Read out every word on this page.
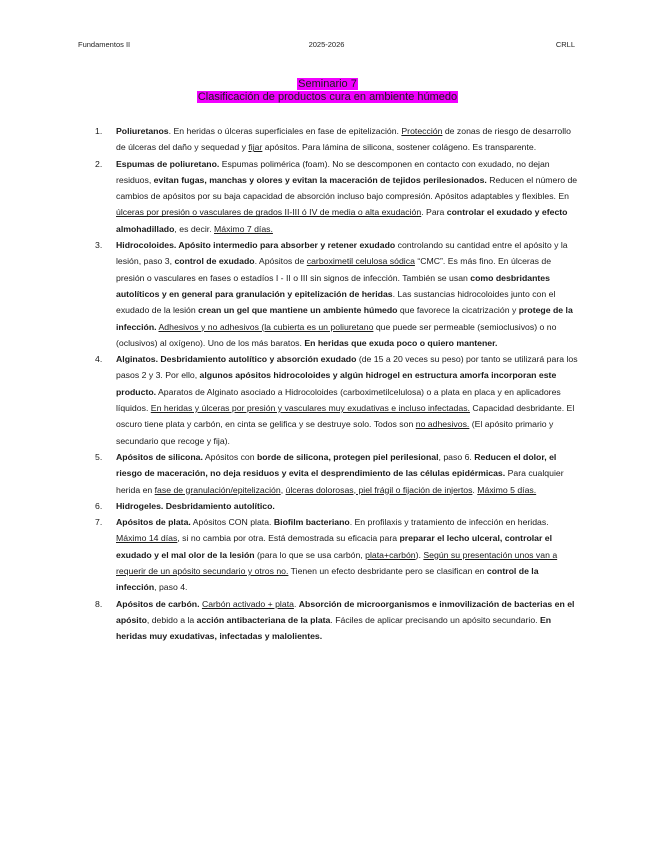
Fundamentos II	2025-2026	CRLL
Seminario 7
Clasificación de productos cura en ambiente húmedo
1. Poliuretanos. En heridas o úlceras superficiales en fase de epitelización. Protección de zonas de riesgo de desarrollo de úlceras del daño y sequedad y fijar apósitos. Para lámina de silicona, sostener colágeno. Es transparente.
2. Espumas de poliuretano. Espumas polimérica (foam). No se descomponen en contacto con exudado, no dejan residuos, evitan fugas, manchas y olores y evitan la maceración de tejidos perilesionados. Reducen el número de cambios de apósitos por su baja capacidad de absorción incluso bajo compresión. Apósitos adaptables y flexibles. En úlceras por presión o vasculares de grados II-III ó IV de media o alta exudación. Para controlar el exudado y efecto almohadillado, es decir. Máximo 7 días.
3. Hidrocoloides. Apósito intermedio para absorber y retener exudado controlando su cantidad entre el apósito y la lesión, paso 3, control de exudado. Apósitos de carboximetil celulosa sódica “CMC”. Es más fino. En úlceras de presión o vasculares en fases o estadíos I - II o III sin signos de infección. También se usan como desbridantes autolíticos y en general para granulación y epitelización de heridas. Las sustancias hidrocoloides junto con el exudado de la lesión crean un gel que mantiene un ambiente húmedo que favorece la cicatrización y protege de la infección. Adhesivos y no adhesivos (la cubierta es un poliuretano que puede ser permeable (semioclusivos) o no (oclusivos) al oxígeno). Uno de los más baratos. En heridas que exuda poco o quiero mantener.
4. Alginatos. Desbridamiento autolítico y absorción exudado (de 15 a 20 veces su peso) por tanto se utilizará para los pasos 2 y 3. Por ello, algunos apósitos hidrocoloides y algún hidrogel en estructura amorfa incorporan este producto. Aparatos de Alginato asociado a Hidrocoloides (carboximetilcelulosa) o a plata en placa y en aplicadores líquidos. En heridas y úlceras por presión y vasculares muy exudativas e incluso infectadas. Capacidad desbridante. El oscuro tiene plata y carbón, en cinta se gelifica y se destruye solo. Todos son no adhesivos. (El apósito primario y secundario que recoge y fija).
5. Apósitos de silicona. Apósitos con borde de silicona, protegen piel perilesional, paso 6. Reducen el dolor, el riesgo de maceración, no deja residuos y evita el desprendimiento de las células epidérmicas. Para cualquier herida en fase de granulación/epitelización, úlceras dolorosas, piel frágil o fijación de injertos. Máximo 5 días.
6. Hidrogeles. Desbridamiento autolítico.
7. Apósitos de plata. Apósitos CON plata. Biofilm bacteriano. En profilaxis y tratamiento de infección en heridas. Máximo 14 días, si no cambia por otra. Está demostrada su eficacia para preparar el lecho ulceral, controlar el exudado y el mal olor de la lesión (para lo que se usa carbón, plata+carbón). Según su presentación unos van a requerir de un apósito secundario y otros no. Tienen un efecto desbridante pero se clasifican en control de la infección, paso 4.
8. Apósitos de carbón. Carbón activado + plata. Absorción de microorganismos e inmovilización de bacterias en el apósito, debido a la acción antibacteriana de la plata. Fáciles de aplicar precisando un apósito secundario. En heridas muy exudativas, infectadas y malolientes.
